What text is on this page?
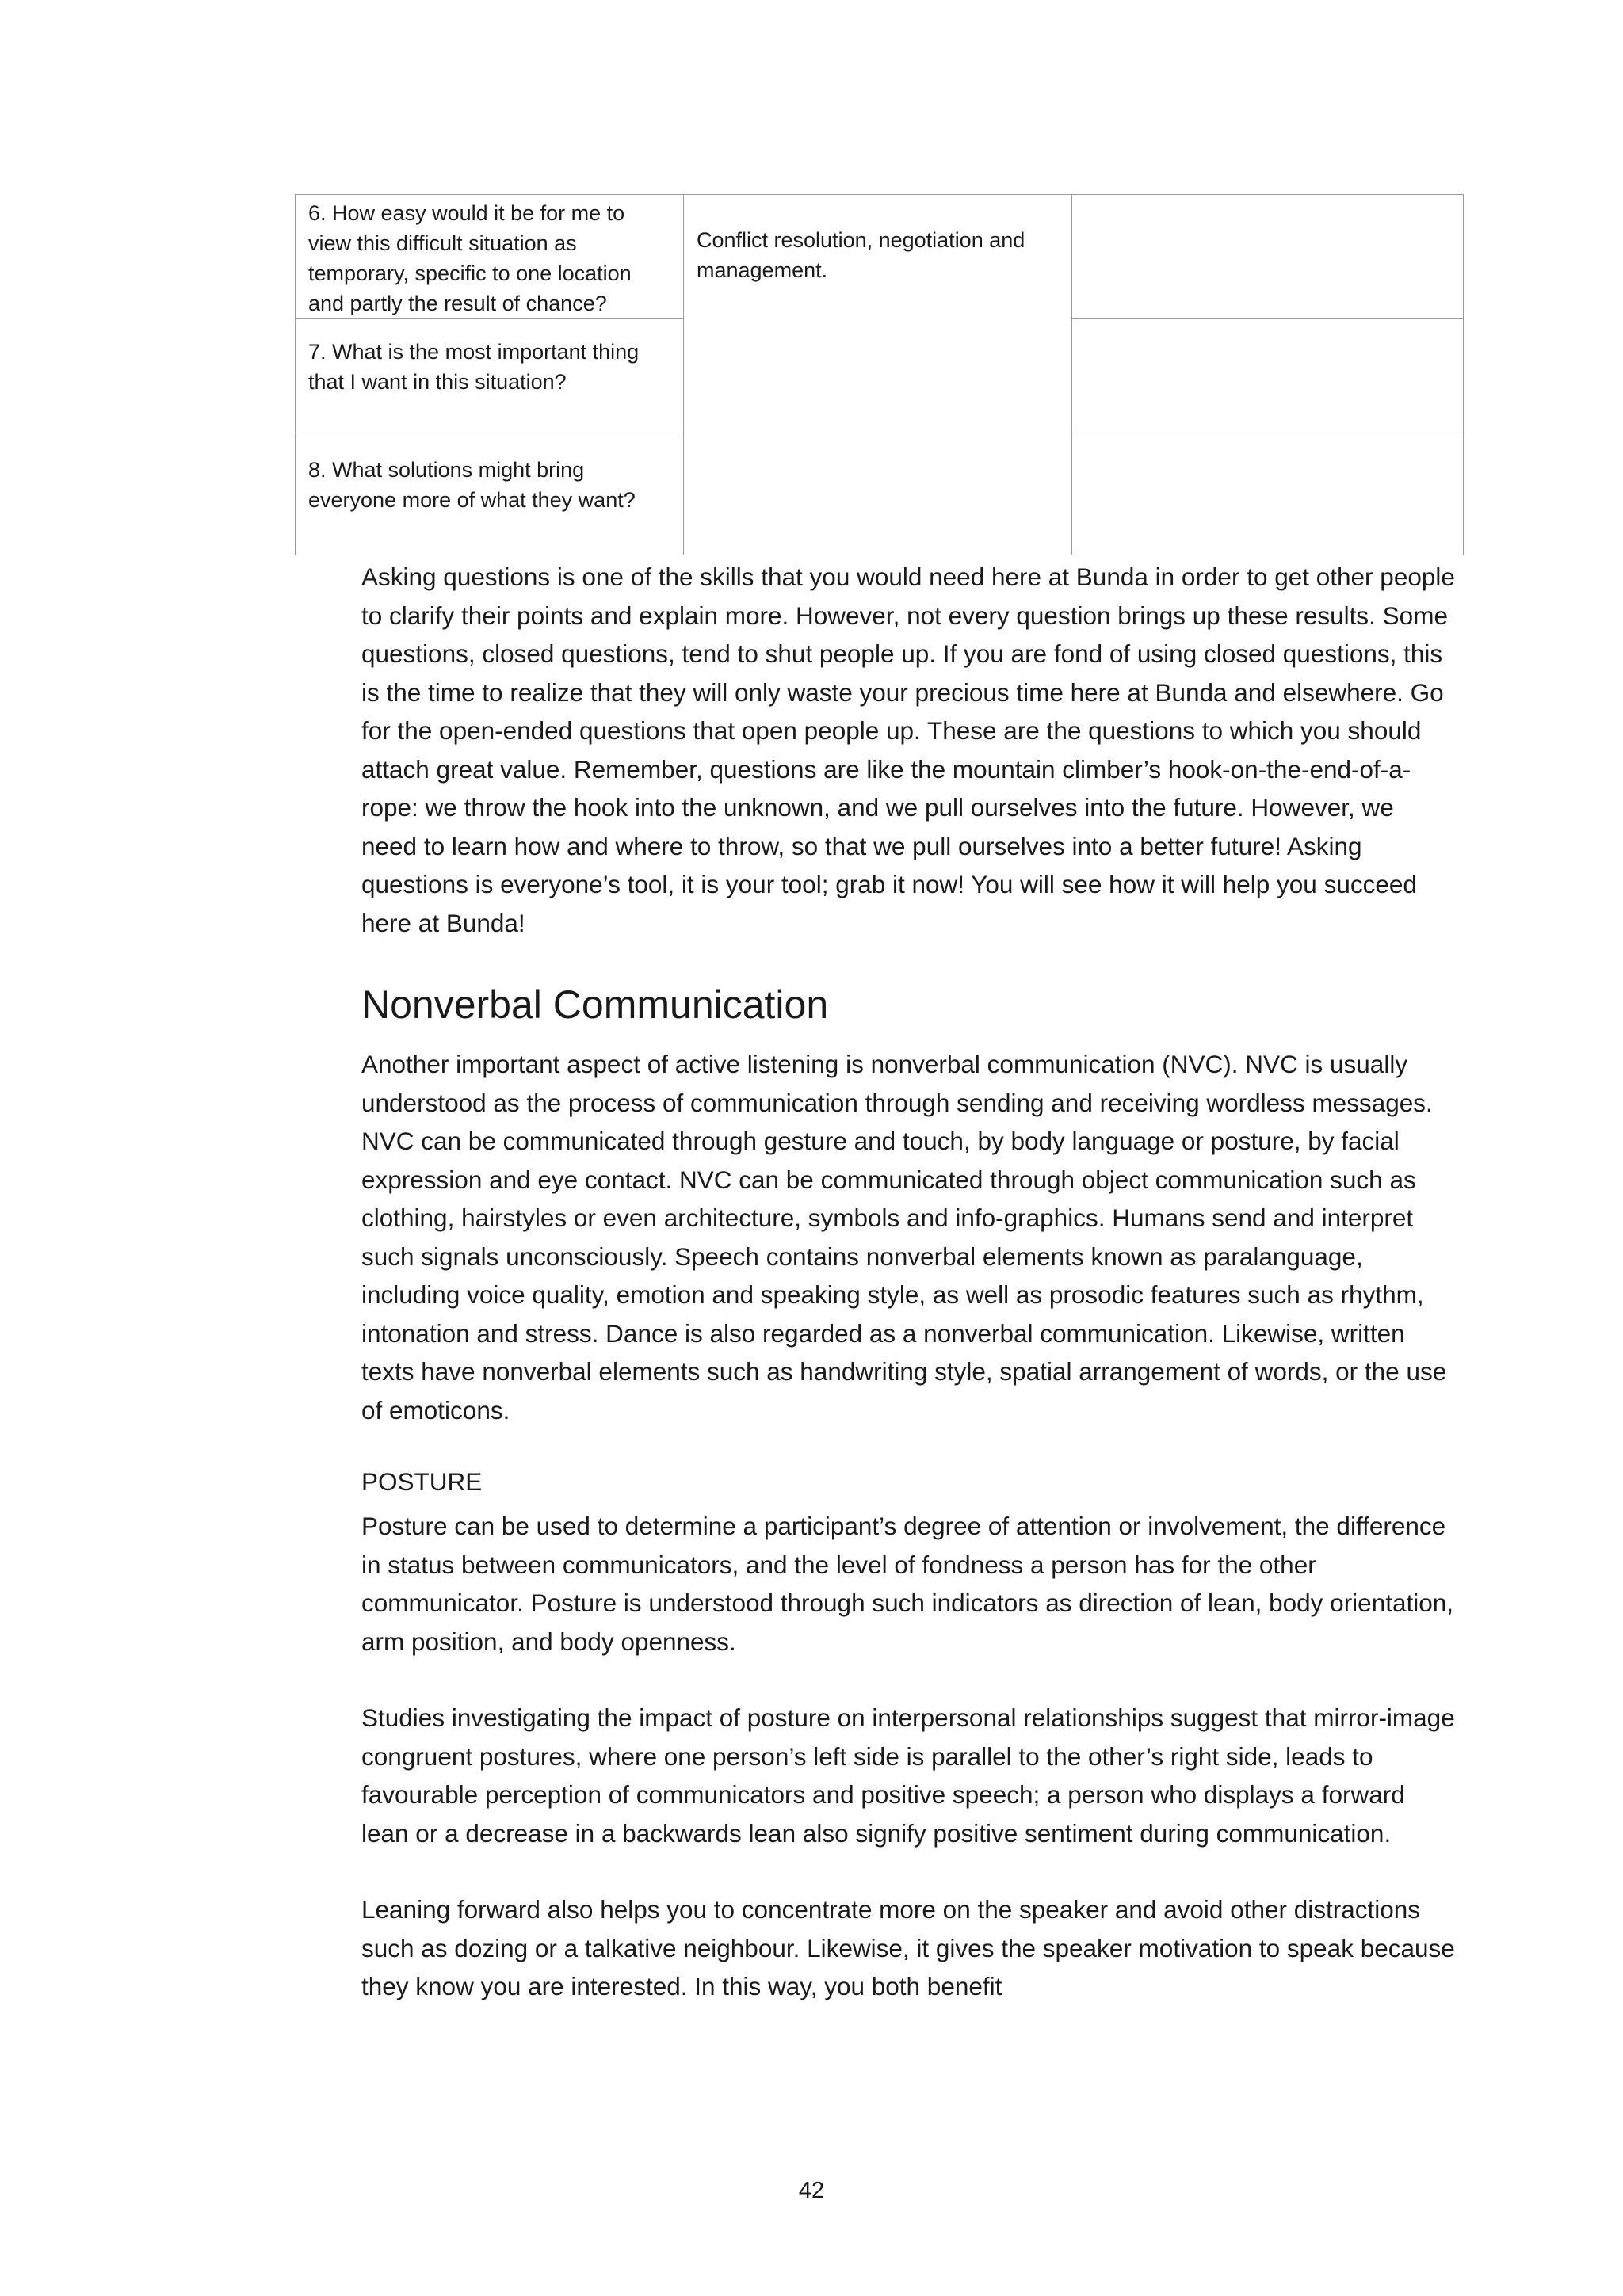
6. How easy would it be for me to view this difficult situation as temporary, specific to one location and partly the result of chance?	Conflict resolution, negotiation and management.	
7. What is the most important thing that I want in this situation?		
8. What solutions might bring everyone more of what they want?		

Asking questions is one of the skills that you would need here at Bunda in order to get other people to clarify their points and explain more. However, not every question brings up these results. Some questions, closed questions, tend to shut people up. If you are fond of using closed questions, this is the time to realize that they will only waste your precious time here at Bunda and elsewhere. Go for the open-ended questions that open people up. These are the questions to which you should attach great value. Remember, questions are like the mountain climber’s hook-on-the-end-of-a-rope: we throw the hook into the unknown, and we pull ourselves into the future. However, we need to learn how and where to throw, so that we pull ourselves into a better future! Asking questions is everyone’s tool, it is your tool; grab it now! You will see how it will help you succeed here at Bunda!

Nonverbal Communication

Another important aspect of active listening is nonverbal communication (NVC). NVC is usually understood as the process of communication through sending and receiving wordless messages. NVC can be communicated through gesture and touch, by body language or posture, by facial expression and eye contact. NVC can be communicated through object communication such as clothing, hairstyles or even architecture, symbols and info-graphics. Humans send and interpret such signals unconsciously. Speech contains nonverbal elements known as paralanguage, including voice quality, emotion and speaking style, as well as prosodic features such as rhythm, intonation and stress. Dance is also regarded as a nonverbal communication. Likewise, written texts have nonverbal elements such as handwriting style, spatial arrangement of words, or the use of emoticons.

POSTURE

Posture can be used to determine a participant’s degree of attention or involvement, the difference in status between communicators, and the level of fondness a person has for the other communicator. Posture is understood through such indicators as direction of lean, body orientation, arm position, and body openness.

Studies investigating the impact of posture on interpersonal relationships suggest that mirror-image congruent postures, where one person’s left side is parallel to the other’s right side, leads to favourable perception of communicators and positive speech; a person who displays a forward lean or a decrease in a backwards lean also signify positive sentiment during communication.

Leaning forward also helps you to concentrate more on the speaker and avoid other distractions such as dozing or a talkative neighbour. Likewise, it gives the speaker motivation to speak because they know you are interested. In this way, you both benefit

42
